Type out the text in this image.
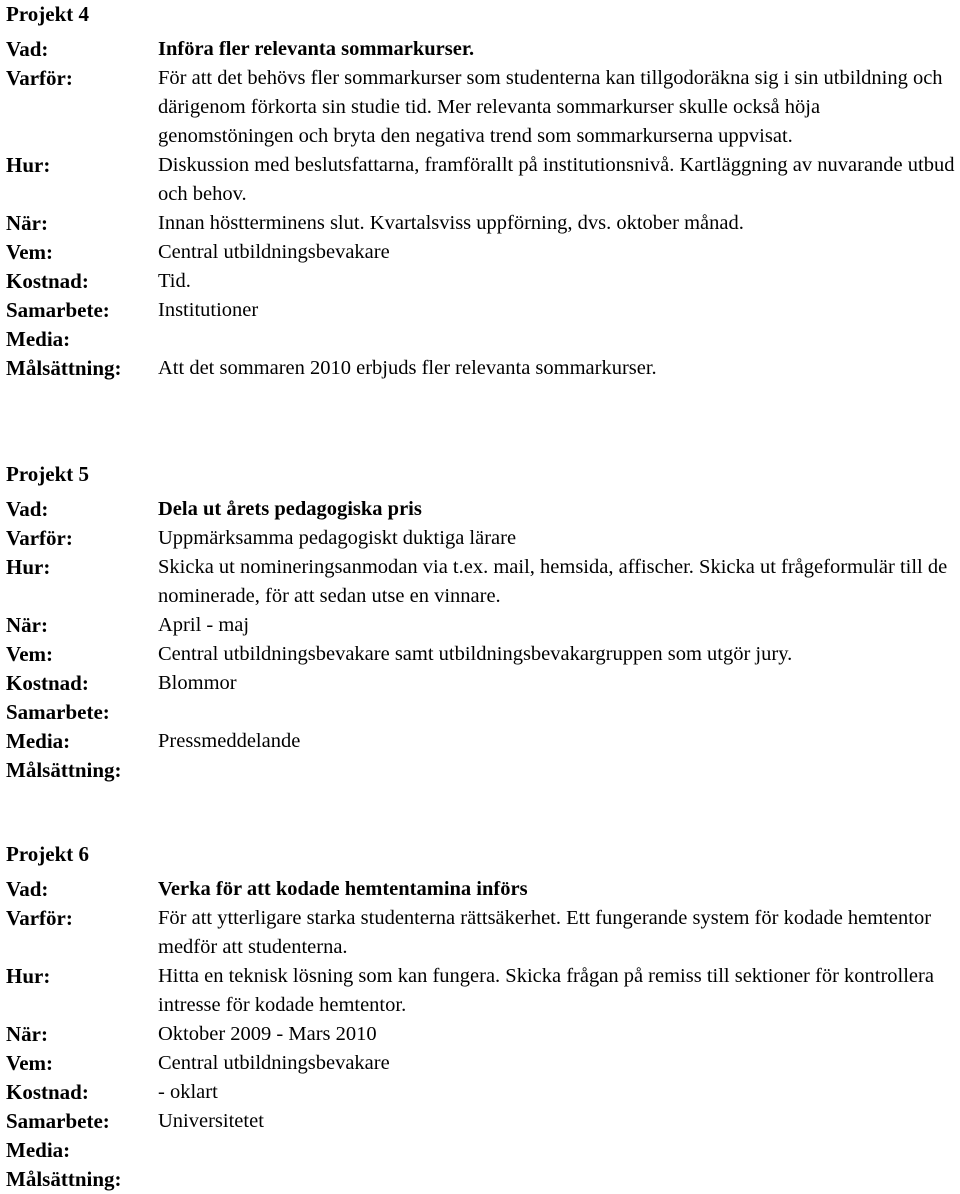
Projekt 4
Vad:	Införa fler relevanta sommarkurser.
Varför:	För att det behövs fler sommarkurser som studenterna kan tillgodoräkna sig i sin utbildning och därigenom förkorta sin studie tid. Mer relevanta sommarkurser skulle också höja genomstöningen och bryta den negativa trend som sommarkurserna uppvisat.
Hur:	Diskussion med beslutsfattarna, framförallt på institutionsnivå. Kartläggning av nuvarande utbud och behov.
När:	Innan höstterminens slut. Kvartalsviss uppförning, dvs. oktober månad.
Vem:	Central utbildningsbevakare
Kostnad:	Tid.
Samarbete:	Institutioner
Media:
Målsättning:	Att det sommaren 2010 erbjuds fler relevanta sommarkurser.
Projekt 5
Vad:	Dela ut årets pedagogiska pris
Varför:	Uppmärksamma pedagogiskt duktiga lärare
Hur:	Skicka ut nomineringsanmodan via t.ex. mail, hemsida, affischer. Skicka ut frågeformulär till de nominerade, för att sedan utse en vinnare.
När:	April - maj
Vem:	Central utbildningsbevakare samt utbildningsbevakargruppen som utgör jury.
Kostnad:	Blommor
Samarbete:
Media:	Pressmeddelande
Målsättning:
Projekt 6
Vad:	Verka för att kodade hemtentamina införs
Varför:	För att ytterligare starka studenterna rättsäkerhet. Ett fungerande system för kodade hemtentor medför att studenterna.
Hur:	Hitta en teknisk lösning som kan fungera. Skicka frågan på remiss till sektioner för kontrollera intresse för kodade hemtentor.
När:	Oktober 2009 - Mars 2010
Vem:	Central utbildningsbevakare
Kostnad:	- oklart
Samarbete:	Universitetet
Media:
Målsättning:
